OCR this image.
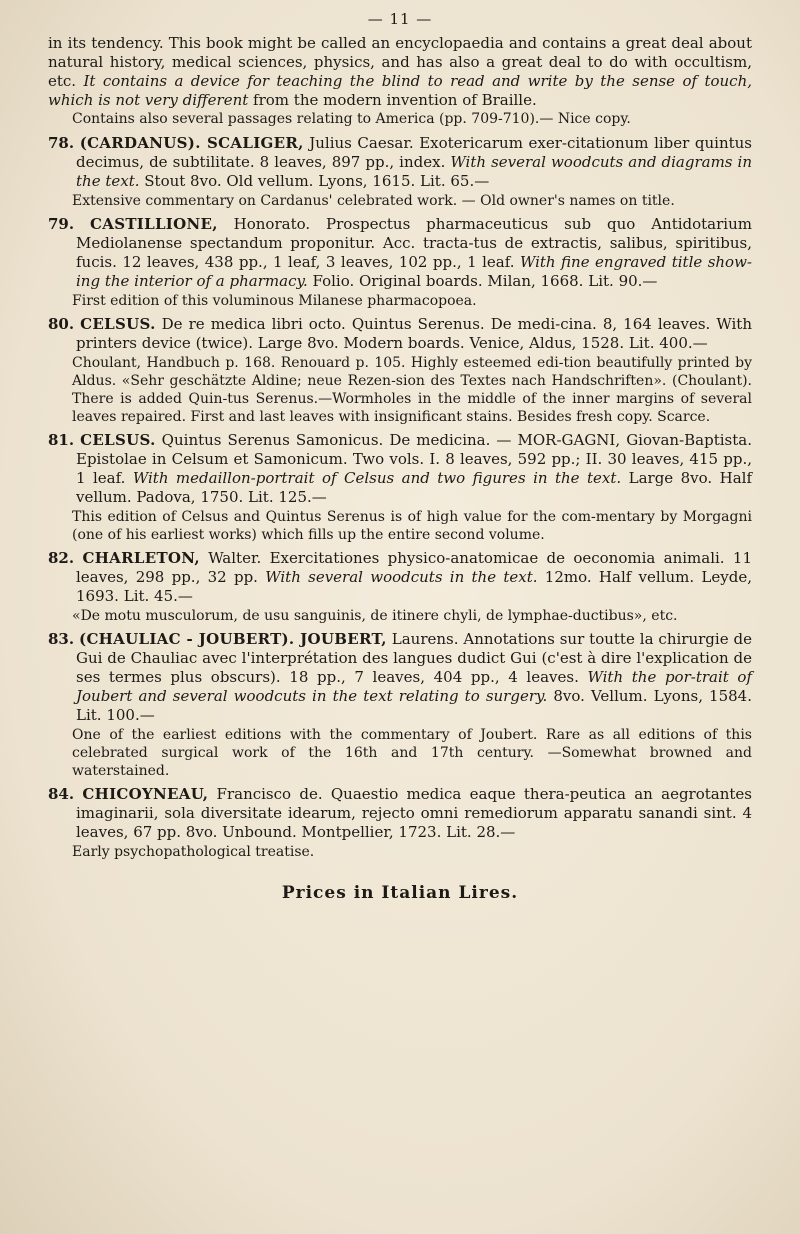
— 11 —

in its tendency. This book might be called an encyclopaedia and contains a great deal about natural history, medical sciences, physics, and has also a great deal to do with occultism, etc. It contains a device for teaching the blind to read and write by the sense of touch, which is not very different from the modern invention of Braille.

Contains also several passages relating to America (pp. 709-710).— Nice copy.

78. (CARDANUS). SCALIGER, Julius Caesar. Exotericarum exer-citationum liber quintus decimus, de subtilitate. 8 leaves, 897 pp., index. With several woodcuts and diagrams in the text. Stout 8vo. Old vellum. Lyons, 1615. Lit. 65.—

Extensive commentary on Cardanus' celebrated work. — Old owner's names on title.

79. CASTILLIONE, Honorato. Prospectus pharmaceuticus sub quo Antidotarium Mediolanense spectandum proponitur. Acc. tracta-tus de extractis, salibus, spiritibus, fucis. 12 leaves, 438 pp., 1 leaf, 3 leaves, 102 pp., 1 leaf. With fine engraved title show-ing the interior of a pharmacy. Folio. Original boards. Milan, 1668. Lit. 90.—

First edition of this voluminous Milanese pharmacopoea.

80. CELSUS. De re medica libri octo. Quintus Serenus. De medi-cina. 8, 164 leaves. With printers device (twice). Large 8vo. Modern boards. Venice, Aldus, 1528. Lit. 400.—

Choulant, Handbuch p. 168. Renouard p. 105. Highly esteemed edi-tion beautifully printed by Aldus. «Sehr geschätzte Aldine; neue Rezen-sion des Textes nach Handschriften». (Choulant). There is added Quin-tus Serenus.—Wormholes in the middle of the inner margins of several leaves repaired. First and last leaves with insignificant stains. Besides fresh copy. Scarce.

81. CELSUS. Quintus Serenus Samonicus. De medicina. — MOR-GAGNI, Giovan-Baptista. Epistolae in Celsum et Samonicum. Two vols. I. 8 leaves, 592 pp.; II. 30 leaves, 415 pp., 1 leaf. With medaillon-portrait of Celsus and two figures in the text. Large 8vo. Half vellum. Padova, 1750. Lit. 125.—

This edition of Celsus and Quintus Serenus is of high value for the com-mentary by Morgagni (one of his earliest works) which fills up the entire second volume.

82. CHARLETON, Walter. Exercitationes physico-anatomicae de oeconomia animali. 11 leaves, 298 pp., 32 pp. With several woodcuts in the text. 12mo. Half vellum. Leyde, 1693. Lit. 45.—

«De motu musculorum, de usu sanguinis, de itinere chyli, de lymphae-ductibus», etc.

83. (CHAULIAC - JOUBERT). JOUBERT, Laurens. Annotations sur toutte la chirurgie de Gui de Chauliac avec l'interprétation des langues dudict Gui (c'est à dire l'explication de ses termes plus obscurs). 18 pp., 7 leaves, 404 pp., 4 leaves. With the por-trait of Joubert and several woodcuts in the text relating to surgery. 8vo. Vellum. Lyons, 1584. Lit. 100.—

One of the earliest editions with the commentary of Joubert. Rare as all editions of this celebrated surgical work of the 16th and 17th century. —Somewhat browned and waterstained.

84. CHICOYNEAU, Francisco de. Quaestio medica eaque thera-peutica an aegrotantes imaginarii, sola diversitate idearum, rejecto omni remediorum apparatu sanandi sint. 4 leaves, 67 pp. 8vo. Unbound. Montpellier, 1723. Lit. 28.—

Early psychopathological treatise.

Prices in Italian Lires.
